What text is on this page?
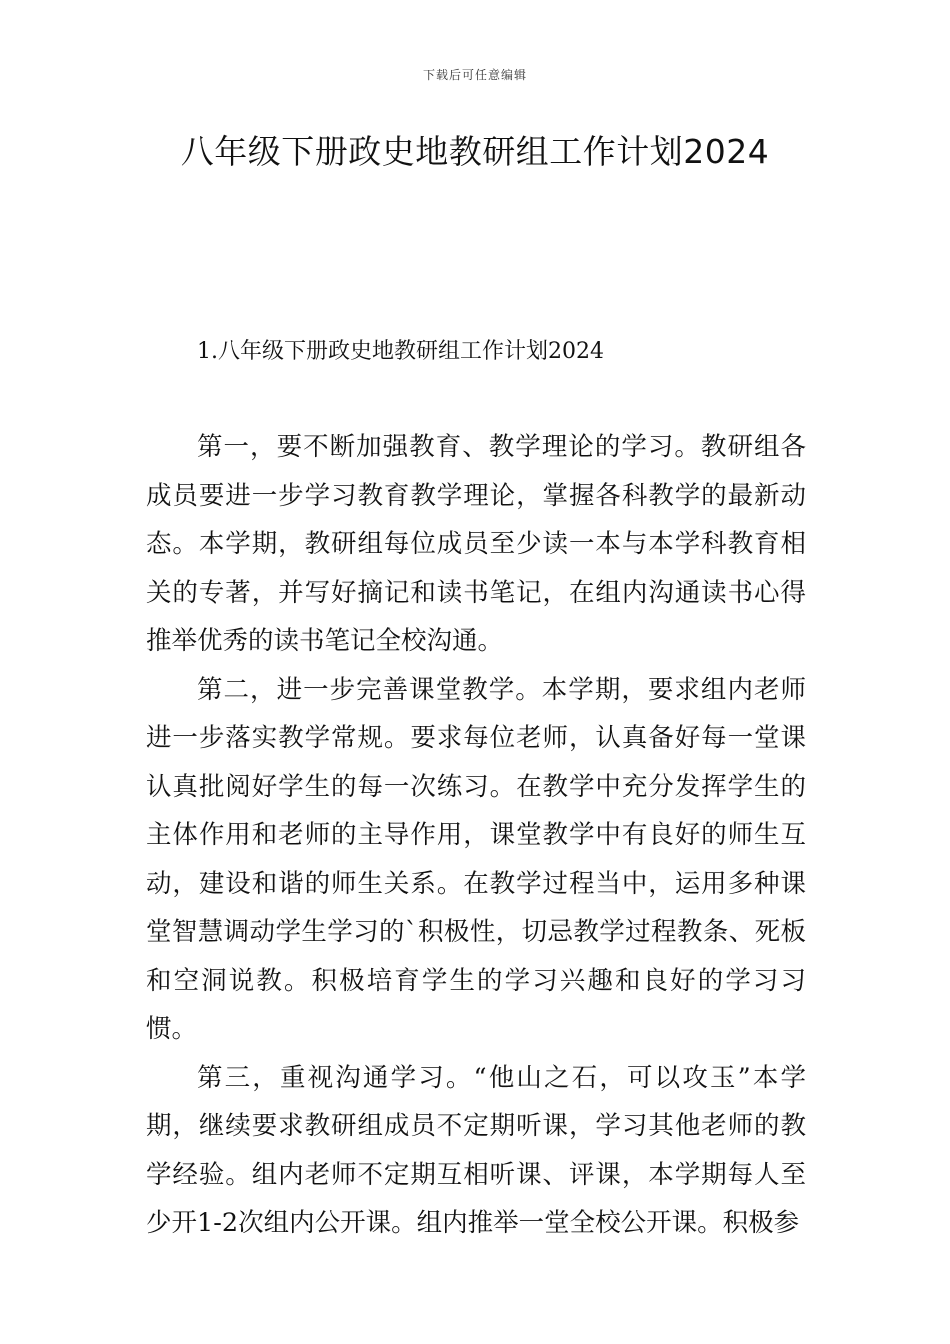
下载后可任意编辑
八年级下册政史地教研组工作计划2024
1.八年级下册政史地教研组工作计划2024

第一，要不断加强教育、教学理论的学习。教研组各成员要进一步学习教育教学理论，掌握各科教学的最新动态。本学期，教研组每位成员至少读一本与本学科教育相关的专著，并写好摘记和读书笔记，在组内沟通读书心得推举优秀的读书笔记全校沟通。

第二，进一步完善课堂教学。本学期，要求组内老师进一步落实教学常规。要求每位老师，认真备好每一堂课认真批阅好学生的每一次练习。在教学中充分发挥学生的主体作用和老师的主导作用，课堂教学中有良好的师生互动，建设和谐的师生关系。在教学过程当中，运用多种课堂智慧调动学生学习的`积极性，切忌教学过程教条、死板和空洞说教。积极培育学生的学习兴趣和良好的学习习惯。

第三，重视沟通学习。“他山之石，可以攻玉”本学期，继续要求教研组成员不定期听课，学习其他老师的教学经验。组内老师不定期互相听课、评课，本学期每人至少开1-2次组内公开课。组内推举一堂全校公开课。积极参
